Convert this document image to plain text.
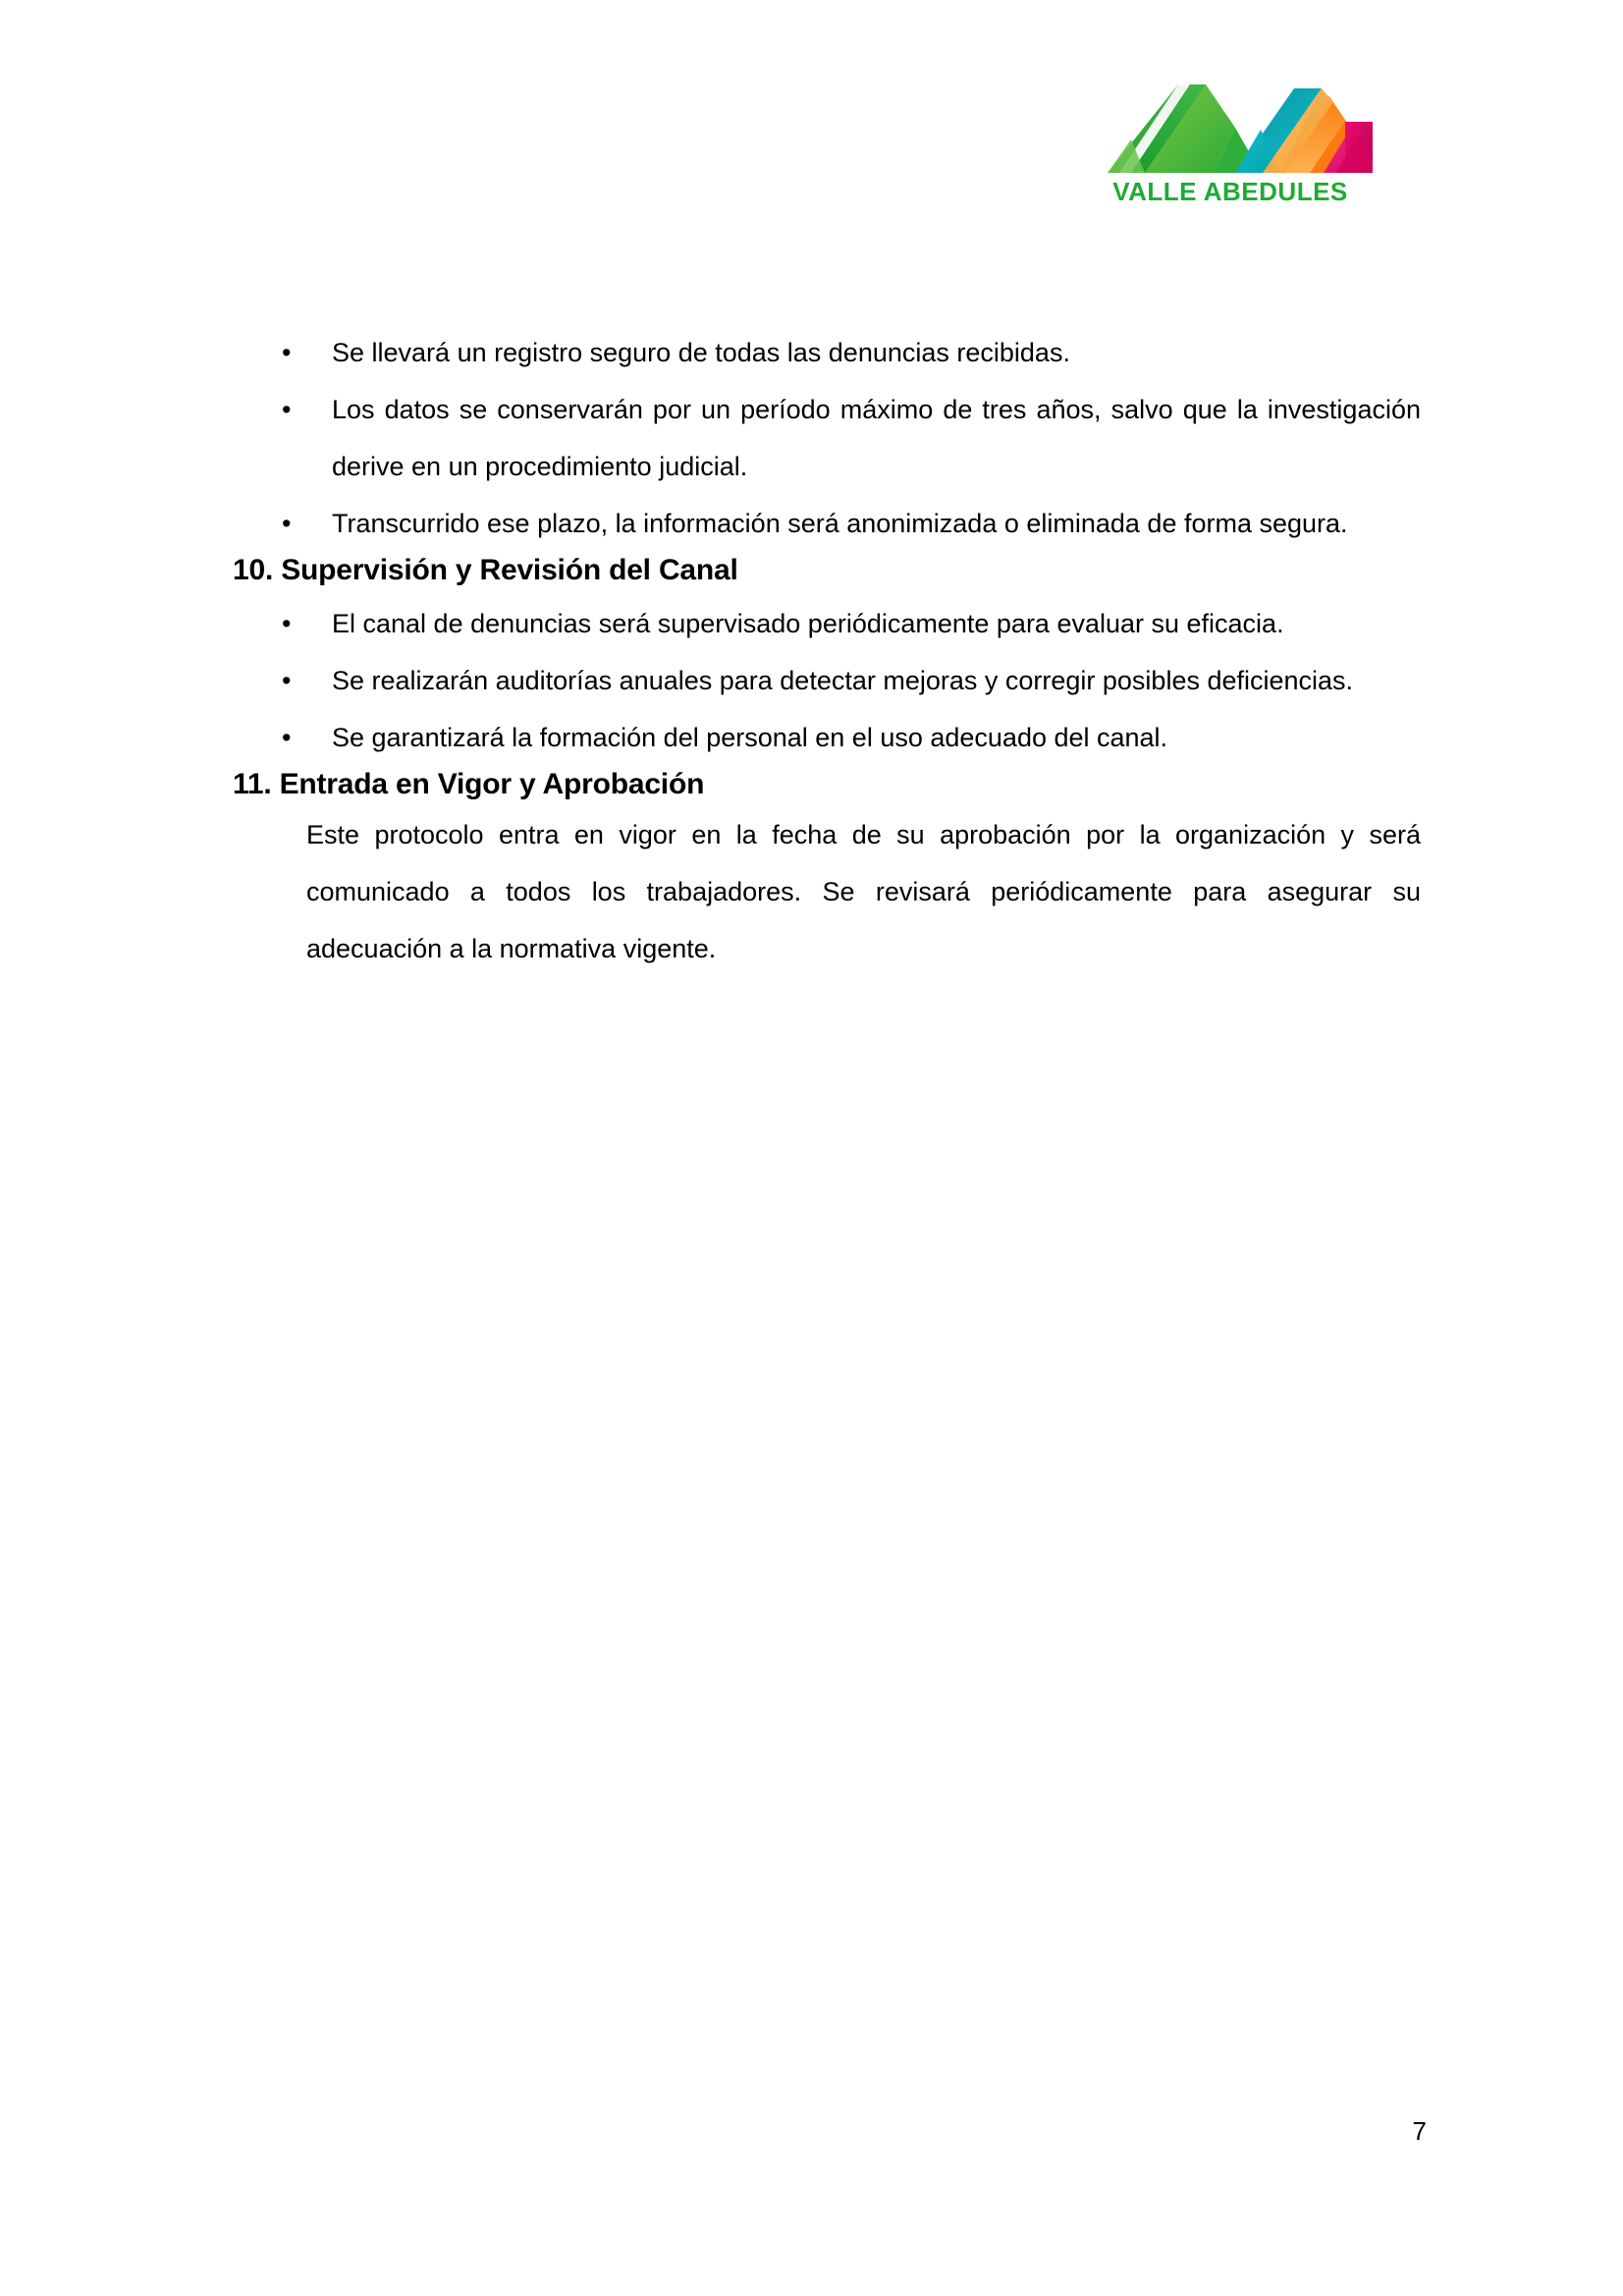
VALLE ABEDULES
• Se llevará un registro seguro de todas las denuncias recibidas.
• Los datos se conservarán por un período máximo de tres años, salvo que la investigación derive en un procedimiento judicial.
• Transcurrido ese plazo, la información será anonimizada o eliminada de forma segura.
10. Supervisión y Revisión del Canal
• El canal de denuncias será supervisado periódicamente para evaluar su eficacia.
• Se realizarán auditorías anuales para detectar mejoras y corregir posibles deficiencias.
• Se garantizará la formación del personal en el uso adecuado del canal.
11. Entrada en Vigor y Aprobación

Este protocolo entra en vigor en la fecha de su aprobación por la organización y será comunicado a todos los trabajadores. Se revisará periódicamente para asegurar su adecuación a la normativa vigente.

7
